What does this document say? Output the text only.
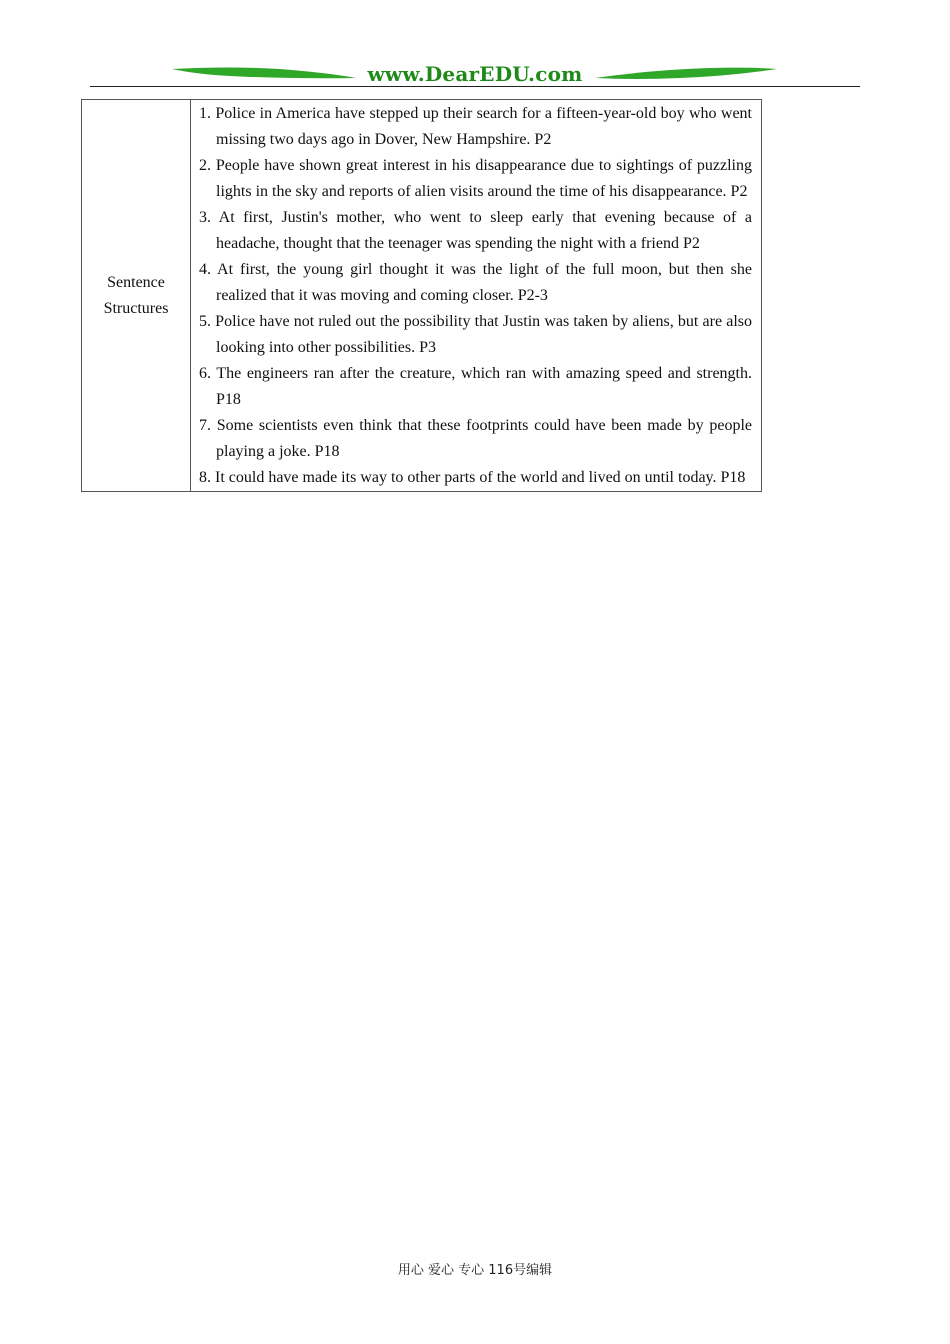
www.DearEDU.com
Sentence Structures	
1. Police in America have stepped up their search for a fifteen-year-old boy who went missing two days ago in Dover, New Hampshire. P2
2. People have shown great interest in his disappearance due to sightings of puzzling lights in the sky and reports of alien visits around the time of his disappearance. P2
3. At first, Justin's mother, who went to sleep early that evening because of a headache, thought that the teenager was spending the night with a friend P2
4. At first, the young girl thought it was the light of the full moon, but then she realized that it was moving and coming closer. P2-3
5. Police have not ruled out the possibility that Justin was taken by aliens, but are also looking into other possibilities. P3
6. The engineers ran after the creature, which ran with amazing speed and strength. P18
7. Some scientists even think that these footprints could have been made by people playing a joke. P18
8. It could have made its way to other parts of the world and lived on until today. P18
用心 爱心 专心 116号编辑
